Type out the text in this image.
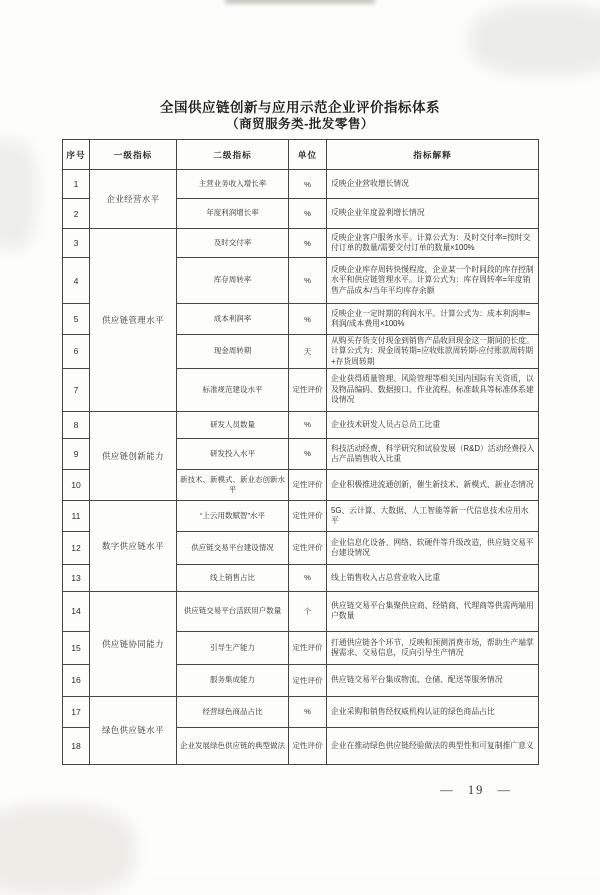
全国供应链创新与应用示范企业评价指标体系
（商贸服务类-批发零售）
序号	一级指标	二级指标	单位	指标解释
1	企业经营水平	主营业务收入增长率	%	反映企业营收增长情况
2		年度利润增长率	%	反映企业年度盈利增长情况
3	供应链管理水平	及时交付率	%	反映企业客户服务水平。计算公式为：及时交付率=按时交付订单的数量/需要交付订单的数量×100%
4		库存周转率	%	反映企业库存周转快慢程度，企业某一个时间段的库存控制水平和供应链管理水平。计算公式为：库存周转率=年度销售产品成本/当年平均库存余额
5		成本利润率	%	反映企业一定时期的利润水平。计算公式为：成本利润率=利润/成本费用×100%
6		现金周转期	天	从购买存货支付现金到销售产品收回现金这一期间的长度。计算公式为：现金周转期=应收账款周转期-应付账款周转期+存货周转期
7		标准规范建设水平	定性评价	企业获得质量管理、风险管理等相关国内国际有关资质，以及物品编码、数据接口、作业流程、标准载具等标准体系建设情况
8	供应链创新能力	研发人员数量	%	企业技术研发人员占总员工比重
9		研发投入水平	%	科技活动经费、科学研究和试验发展（R&D）活动经费投入占产品销售收入比重
10		新技术、新模式、新业态创新水平	定性评价	企业积极推进流通创新，催生新技术、新模式、新业态情况
11	数字供应链水平	“上云用数赋智”水平	定性评价	5G、云计算、大数据、人工智能等新一代信息技术应用水平
12		供应链交易平台建设情况	定性评价	企业信息化设备、网络、软硬件等升级改造，供应链交易平台建设情况
13		线上销售占比	%	线上销售收入占总营业收入比重
14	供应链协同能力	供应链交易平台活跃用户数量	个	供应链交易平台集聚供应商、经销商、代理商等供需两端用户数量
15		引导生产能力	定性评价	打通供应链各个环节，反映和预测消费市场，帮助生产端掌握需求、交易信息，反向引导生产情况
16		服务集成能力	定性评价	供应链交易平台集成物流、仓储、配送等服务情况
17	绿色供应链水平	经营绿色商品占比	%	企业采购和销售经权威机构认证的绿色商品占比
18		企业发展绿色供应链的典型做法	定性评价	企业在推动绿色供应链经验做法的典型性和可复制推广意义
— 19 —
